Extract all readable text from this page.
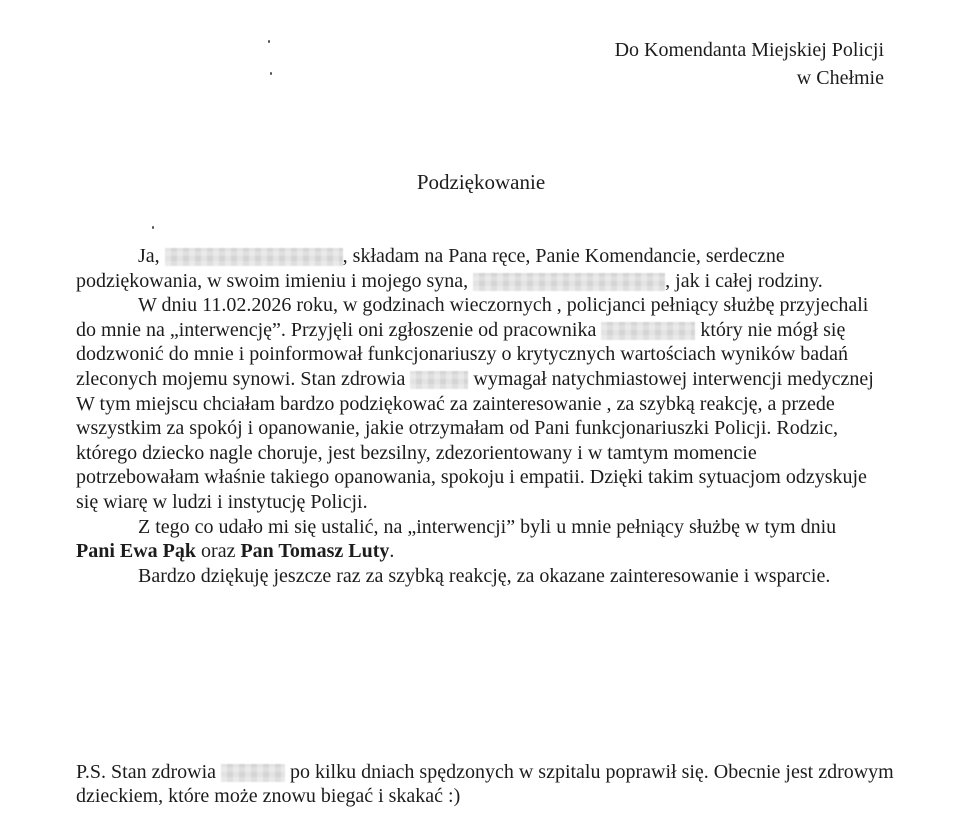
Do Komendanta Miejskiej Policji
w Chełmie
Podziękowanie

Ja,	, składam na Pana ręce, Panie Komendancie, serdeczne podziękowania, w swoim imieniu i mojego syna,	, jak i całej rodziny.

W dniu 11.02.2026 roku, w godzinach wieczornych , policjanci pełniący służbę przyjechali do mnie na „interwencję”. Przyjęli oni zgłoszenie od pracownika	który nie mógł się dodzwonić do mnie i poinformował funkcjonariuszy o krytycznych wartościach wyników badań zleconych mojemu synowi. Stan zdrowia	wymagał natychmiastowej interwencji medycznej W tym miejscu chciałam bardzo podziękować za zainteresowanie , za szybką reakcję, a przede wszystkim za spokój i opanowanie, jakie otrzymałam od Pani funkcjonariuszki Policji. Rodzic, którego dziecko nagle choruje, jest bezsilny, zdezorientowany i w tamtym momencie potrzebowałam właśnie takiego opanowania, spokoju i empatii. Dzięki takim sytuacjom odzyskuje się wiarę w ludzi i instytucję Policji.

Z tego co udało mi się ustalić, na „interwencji” byli u mnie pełniący służbę w tym dniu Pani Ewa Pąk oraz Pan Tomasz Luty.

Bardzo dziękuję jeszcze raz za szybką reakcję, za okazane zainteresowanie i wsparcie.

P.S. Stan zdrowia	po kilku dniach spędzonych w szpitalu poprawił się. Obecnie jest zdrowym dzieckiem, które może znowu biegać i skakać :)
